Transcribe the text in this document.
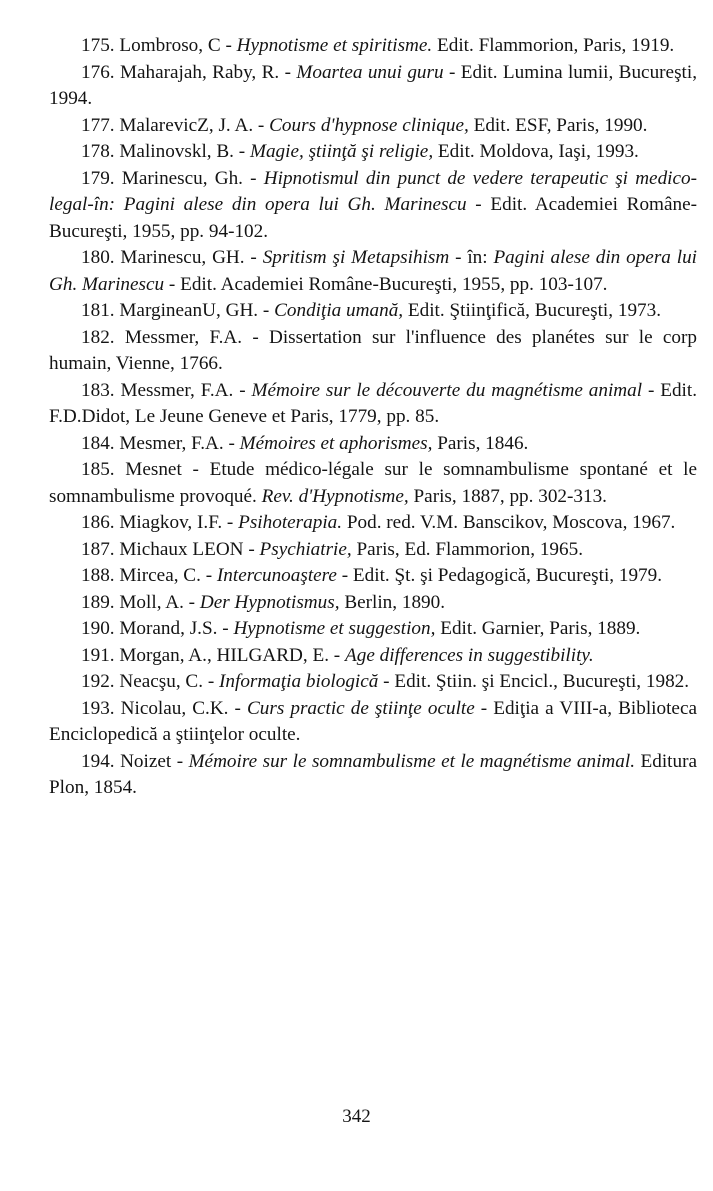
175. Lombroso, C - Hypnotisme et spiritisme. Edit. Flammorion, Paris, 1919.

176. Maharajah, Raby, R. - Moartea unui guru - Edit. Lumina lumii, Bucureşti, 1994.

177. MalarevicZ, J. A. - Cours d'hypnose clinique, Edit. ESF, Paris, 1990.

178. Malinovskl, B. - Magie, ştiinţă şi religie, Edit. Moldova, Iaşi, 1993.

179. Marinescu, Gh. - Hipnotismul din punct de vedere terapeutic şi medico-legal-în: Pagini alese din opera lui Gh. Marinescu - Edit. Academiei Române-Bucureşti, 1955, pp. 94-102.

180. Marinescu, GH. - Spritism şi Metapsihism - în: Pagini alese din opera lui Gh. Marinescu - Edit. Academiei Române-Bucureşti, 1955, pp. 103-107.

181. MargineanU, GH. - Condiţia umană, Edit. Ştiinţifică, Bucureşti, 1973.

182. Messmer, F.A. - Dissertation sur l'influence des planétes sur le corp humain, Vienne, 1766.

183. Messmer, F.A. - Mémoire sur le découverte du magnétisme animal - Edit. F.D.Didot, Le Jeune Geneve et Paris, 1779, pp. 85.

184. Mesmer, F.A. - Mémoires et aphorismes, Paris, 1846.

185. Mesnet - Etude médico-légale sur le somnambulisme spontané et le somnambulisme provoqué. Rev. d'Hypnotisme, Paris, 1887, pp. 302-313.

186. Miagkov, I.F. - Psihoterapia. Pod. red. V.M. Banscikov, Moscova, 1967.

187. Michaux LEON - Psychiatrie, Paris, Ed. Flammorion, 1965.

188. Mircea, C. - Intercunoaştere - Edit. Şt. şi Pedagogică, Bucureşti, 1979.

189. Moll, A. - Der Hypnotismus, Berlin, 1890.

190. Morand, J.S. - Hypnotisme et suggestion, Edit. Garnier, Paris, 1889.

191. Morgan, A., HILGARD, E. - Age differences in suggestibility.

192. Neacşu, C. - Informaţia biologică - Edit. Ştiin. şi Encicl., Bucureşti, 1982.

193. Nicolau, C.K. - Curs practic de ştiinţe oculte - Ediţia a VIII-a, Biblioteca Enciclopedică a ştiinţelor oculte.

194. Noizet - Mémoire sur le somnambulisme et le magnétisme animal. Editura Plon, 1854.

342
